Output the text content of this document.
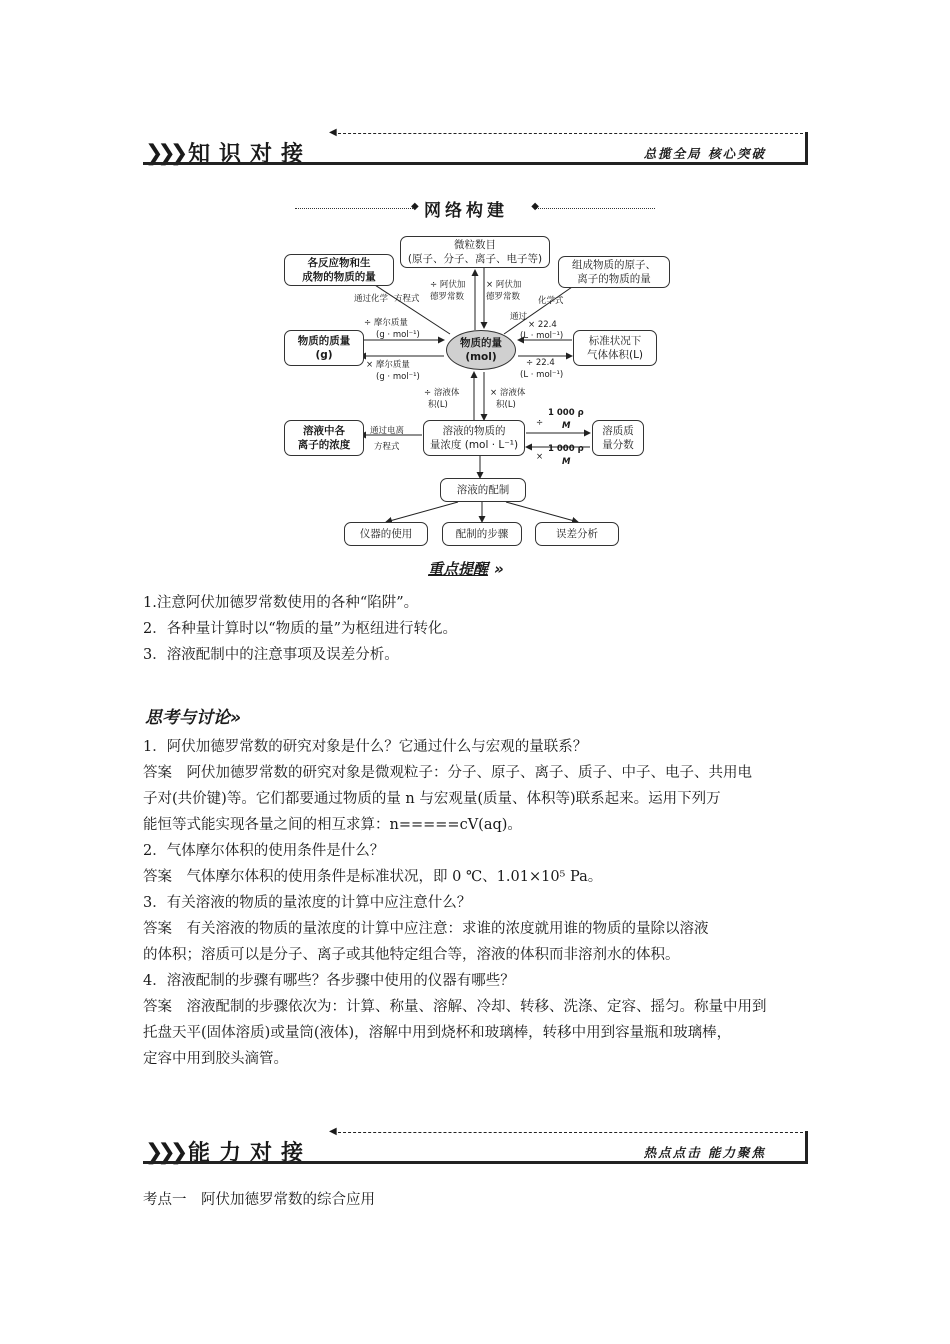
◀
❯❯❯ 知识对接	总揽全局 核心突破
◆	◆
网络构建
微粒数目
(原子、分子、离子、电子等)
各反应物和生
成物的物质的量
组成物质的原子、
离子的物质的量
物质的量
(mol)
物质的质量
(g)
标准状况下
气体体积(L)
溶液中各
离子的浓度
溶液的物质的
量浓度 (mol · L⁻¹)
溶质质
量分数
溶液的配制
仪器的使用	配制的步骤	误差分析
÷ 阿伏加
德罗常数
× 阿伏加
德罗常数
方程式
通过化学	化学式
通过
÷ 摩尔质量
(g · mol⁻¹)
× 摩尔质量
(g · mol⁻¹)
× 22.4
(L · mol⁻¹)
÷ 22.4
(L · mol⁻¹)
÷ 溶液体
积(L)
× 溶液体
积(L)
通过电离
方程式
÷
1 000 ρ
M
×
1 000 ρ
M
重点提醒 »
1.注意阿伏加德罗常数使用的各种“陷阱”。
2．各种量计算时以“物质的量”为枢纽进行转化。
3．溶液配制中的注意事项及误差分析。
思考与讨论»
1．阿伏加德罗常数的研究对象是什么？它通过什么与宏观的量联系？
答案　阿伏加德罗常数的研究对象是微观粒子：分子、原子、离子、质子、中子、电子、共用电
子对(共价键)等。它们都要通过物质的量 n 与宏观量(质量、体积等)联系起来。运用下列万
能恒等式能实现各量之间的相互求算：n=====cV(aq)。
2．气体摩尔体积的使用条件是什么？
答案　气体摩尔体积的使用条件是标准状况，即 0 ℃、1.01×10⁵ Pa。
3．有关溶液的物质的量浓度的计算中应注意什么？
答案　有关溶液的物质的量浓度的计算中应注意：求谁的浓度就用谁的物质的量除以溶液
的体积；溶质可以是分子、离子或其他特定组合等，溶液的体积而非溶剂水的体积。
4．溶液配制的步骤有哪些？各步骤中使用的仪器有哪些？
答案　溶液配制的步骤依次为：计算、称量、溶解、冷却、转移、洗涤、定容、摇匀。称量中用到
托盘天平(固体溶质)或量筒(液体)，溶解中用到烧杯和玻璃棒，转移中用到容量瓶和玻璃棒，
定容中用到胶头滴管。
◀
❯❯❯ 能力对接	热点点击 能力聚焦
考点一　阿伏加德罗常数的综合应用
